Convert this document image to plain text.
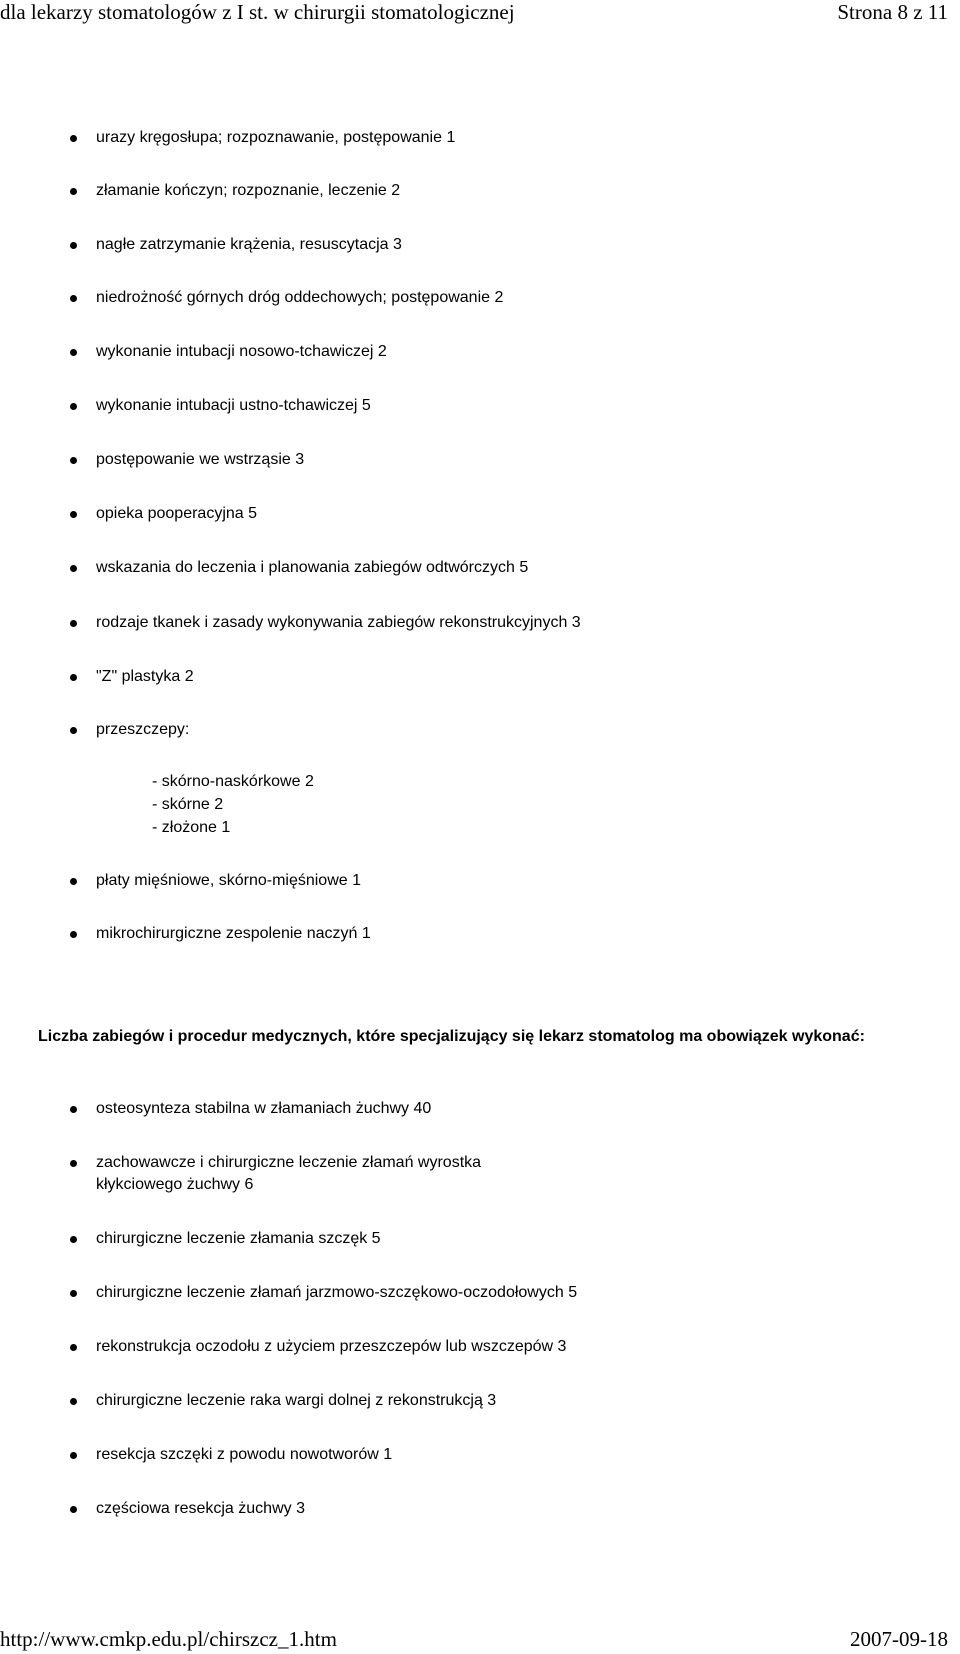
dla lekarzy stomatologów z I st. w chirurgii stomatologicznej	Strona 8 z 11
urazy kręgosłupa; rozpoznawanie, postępowanie 1
złamanie kończyn; rozpoznanie, leczenie 2
nagłe zatrzymanie krążenia, resuscytacja 3
niedrożność górnych dróg oddechowych; postępowanie 2
wykonanie intubacji nosowo-tchawiczej 2
wykonanie intubacji ustno-tchawiczej 5
postępowanie we wstrząsie 3
opieka pooperacyjna 5
wskazania do leczenia i planowania zabiegów odtwórczych 5
rodzaje tkanek i zasady wykonywania zabiegów rekonstrukcyjnych 3
"Z" plastyka 2
przeszczepy:
- skórno-naskórkowe 2
- skórne 2
- złożone 1
płaty mięśniowe, skórno-mięśniowe 1
mikrochirurgiczne zespolenie naczyń 1
Liczba zabiegów i procedur medycznych, które specjalizujący się lekarz stomatolog ma obowiązek wykonać:
osteosynteza stabilna w złamaniach żuchwy 40
zachowawcze i chirurgiczne leczenie złamań wyrostka
kłykciowego żuchwy 6
chirurgiczne leczenie złamania szczęk 5
chirurgiczne leczenie złamań jarzmowo-szczękowo-oczodołowych 5
rekonstrukcja oczodołu z użyciem przeszczepów lub wszczepów 3
chirurgiczne leczenie raka wargi dolnej z rekonstrukcją 3
resekcja szczęki z powodu nowotworów 1
częściowa resekcja żuchwy 3
http://www.cmkp.edu.pl/chirszcz_1.htm	2007-09-18
